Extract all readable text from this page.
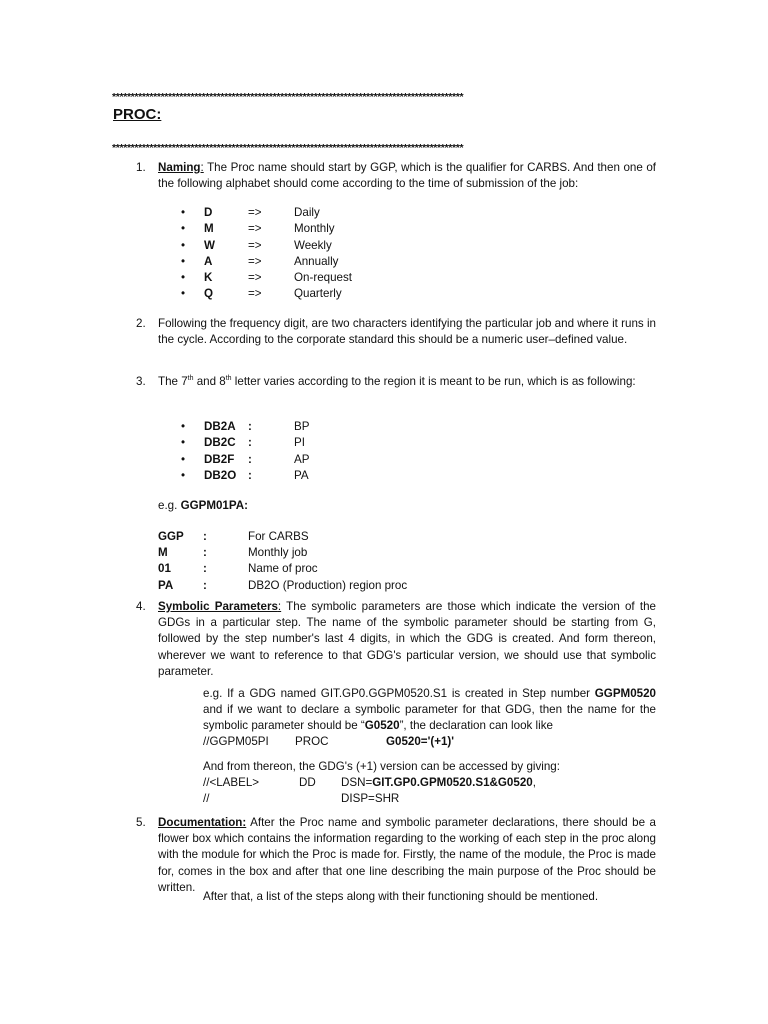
**********************************************************************************************
PROC:
**********************************************************************************************
1. Naming: The Proc name should start by GGP, which is the qualifier for CARBS. And then one of the following alphabet should come according to the time of submission of the job:
• D	=>	Daily
• M	=>	Monthly
• W	=>	Weekly
• A	=>	Annually
• K	=>	On-request
• Q	=>	Quarterly
2. Following the frequency digit, are two characters identifying the particular job and where it runs in the cycle. According to the corporate standard this should be a numeric user–defined value.
3. The 7th and 8th letter varies according to the region it is meant to be run, which is as following:
• DB2A :	BP
• DB2C :	PI
• DB2F :	AP
• DB2O :	PA
e.g. GGPM01PA:
GGP :	For CARBS
M	:	Monthly job
01	:	Name of proc
PA	:	DB2O (Production) region proc
4. Symbolic Parameters: The symbolic parameters are those which indicate the version of the GDGs in a particular step. The name of the symbolic parameter should be starting from G, followed by the step number's last 4 digits, in which the GDG is created. And form thereon, wherever we want to reference to that GDG's particular version, we should use that symbolic parameter.
e.g. If a GDG named GIT.GP0.GGPM0520.S1 is created in Step number GGPM0520 and if we want to declare a symbolic parameter for that GDG, then the name for the symbolic parameter should be “G0520”, the declaration can look like
//GGPM05PI PROC	G0520='(+1)'
And from thereon, the GDG's (+1) version can be accessed by giving:
//<LABEL>	DD DSN=GIT.GP0.GPM0520.S1&G0520,
//	DISP=SHR
5. Documentation: After the Proc name and symbolic parameter declarations, there should be a flower box which contains the information regarding to the working of each step in the proc along with the module for which the Proc is made for. Firstly, the name of the module, the Proc is made for, comes in the box and after that one line describing the main purpose of the Proc should be written.
After that, a list of the steps along with their functioning should be mentioned.
